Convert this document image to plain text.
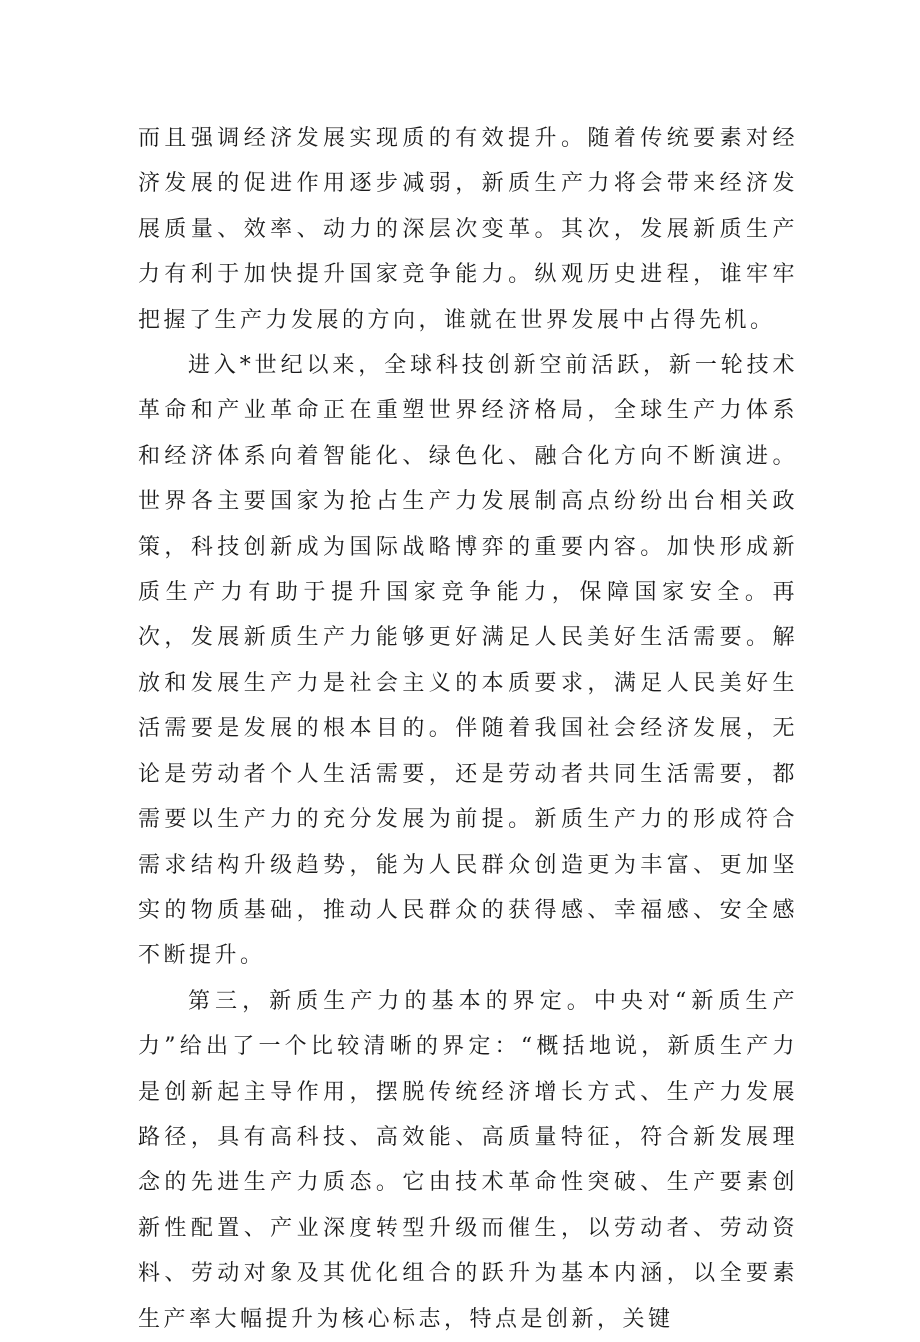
而且强调经济发展实现质的有效提升。随着传统要素对经济发展的促进作用逐步减弱，新质生产力将会带来经济发展质量、效率、动力的深层次变革。其次，发展新质生产力有利于加快提升国家竞争能力。纵观历史进程，谁牢牢把握了生产力发展的方向，谁就在世界发展中占得先机。

进入*世纪以来，全球科技创新空前活跃，新一轮技术革命和产业革命正在重塑世界经济格局，全球生产力体系和经济体系向着智能化、绿色化、融合化方向不断演进。世界各主要国家为抢占生产力发展制高点纷纷出台相关政策，科技创新成为国际战略博弈的重要内容。加快形成新质生产力有助于提升国家竞争能力，保障国家安全。再次，发展新质生产力能够更好满足人民美好生活需要。解放和发展生产力是社会主义的本质要求，满足人民美好生活需要是发展的根本目的。伴随着我国社会经济发展，无论是劳动者个人生活需要，还是劳动者共同生活需要，都需要以生产力的充分发展为前提。新质生产力的形成符合需求结构升级趋势，能为人民群众创造更为丰富、更加坚实的物质基础，推动人民群众的获得感、幸福感、安全感不断提升。

第三，新质生产力的基本的界定。中央对“新质生产力”给出了一个比较清晰的界定：“概括地说，新质生产力是创新起主导作用，摆脱传统经济增长方式、生产力发展路径，具有高科技、高效能、高质量特征，符合新发展理念的先进生产力质态。它由技术革命性突破、生产要素创新性配置、产业深度转型升级而催生，以劳动者、劳动资料、劳动对象及其优化组合的跃升为基本内涵，以全要素生产率大幅提升为核心标志，特点是创新，关键
